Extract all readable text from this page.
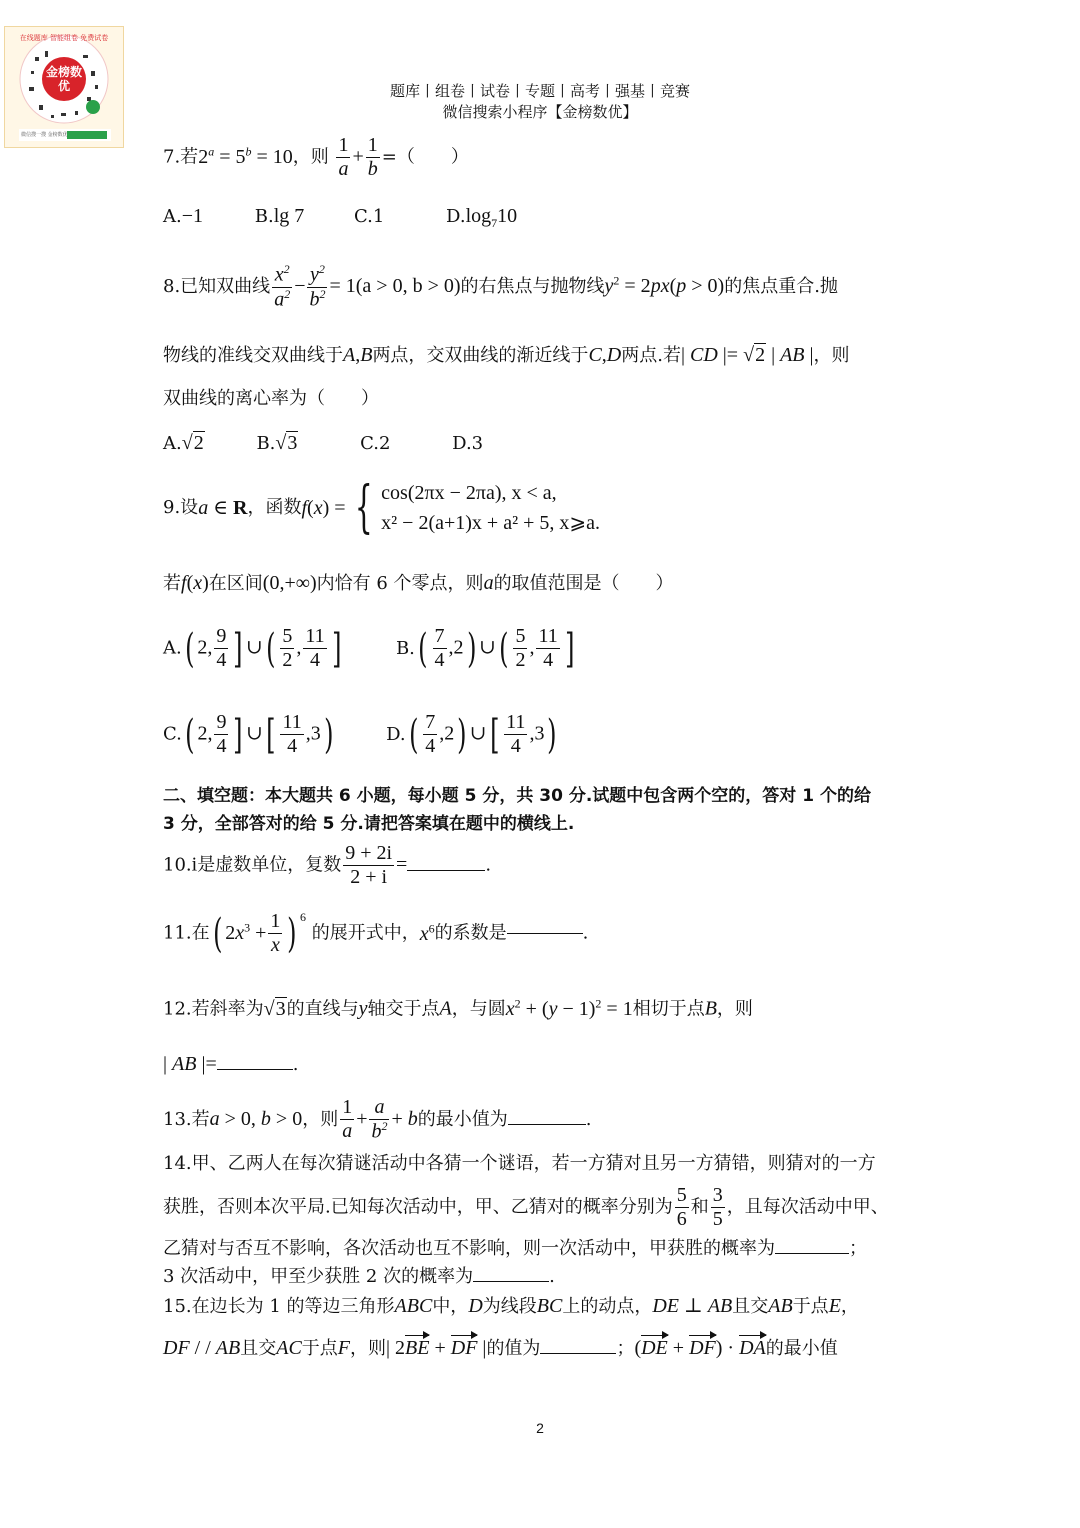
金榜数优
在线题库 智能组卷 免费试卷
微信搜一搜 金榜数优
题库丨组卷丨试卷丨专题丨高考丨强基丨竞赛
微信搜索小程序【金榜数优】
7.若$2^a = 5^b = 10$，则 $\frac{1}{a} + \frac{1}{b}$ =（　　）
A.−1	B.lg 7	C.1	$D.\log_710$
8.已知双曲线 $\frac{x^2}{a^2} - \frac{y^2}{b^2} = 1(a > 0$, b > 0)的右焦点与抛物线$y^2 = 2px(p > 0)$的焦点重合.抛
物线的准线交双曲线于A,B两点，交双曲线的渐近线于C,D两点.若| CD |= √2 | AB |，则
双曲线的离心率为（　　）
A.√2	B.√3	C.2	D.3
9.设a ∈ R，函数f(x) = { cos(2πx − 2πa), x < a,
x² − 2(a+1)x + a² + 5, x⩾a.
若f(x)在区间(0,+∞)内恰有 6 个零点，则a的取值范围是（　　）
A.( 2, $\frac{9}{4}$ ] ∪( $\frac{5}{2}$ , $\frac{11}{4}$ ]	$B.( \frac{7}{4} ,2)$ ∪( $\frac{5}{2}$ , $\frac{11}{4}$ ]
C.( 2, $\frac{9}{4}$ ] ∪[ $\frac{11}{4} ,3$)	$D.( \frac{7}{4} ,2)$ ∪[ $\frac{11}{4} ,3$)
二、填空题：本大题共 6 小题，每小题 5 分，共 30 分.试题中包含两个空的，答对 1 个的给
3 分，全部答对的给 5 分.请把答案填在题中的横线上.
10.i是虚数单位，复数 $\frac{9 + 2i}{2 + i}$ =	.
11.在( $2x^3 + \frac{1}{x}$ ) $^6$ 的展开式中，$x^6$的系数是	.
12.若斜率为√3的直线与y轴交于点A，与圆$x^2 + (y - 1)^2 = 1$相切于点B，则
| AB |=	.
13.若a > 0, b > 0，则 $\frac{1}{a} + \frac{a}{b^2} + b$的最小值为	.
14.甲、乙两人在每次猜谜活动中各猜一个谜语，若一方猜对且另一方猜错，则猜对的一方
获胜，否则本次平局.已知每次活动中，甲、乙猜对的概率分别为 $\frac{5}{6}$ 和 $\frac{3}{5}$ ，且每次活动中甲、
乙猜对与否互不影响，各次活动也互不影响，则一次活动中，甲获胜的概率为	；
3 次活动中，甲至少获胜 2 次的概率为	.
15.在边长为 1 的等边三角形ABC中，D为线段BC上的动点，DE ⊥ AB且交AB于点E，
DF / / AB且交AC于点F，则| 2BE + DF |的值为	；(DE + DF) · DA的最小值
2
